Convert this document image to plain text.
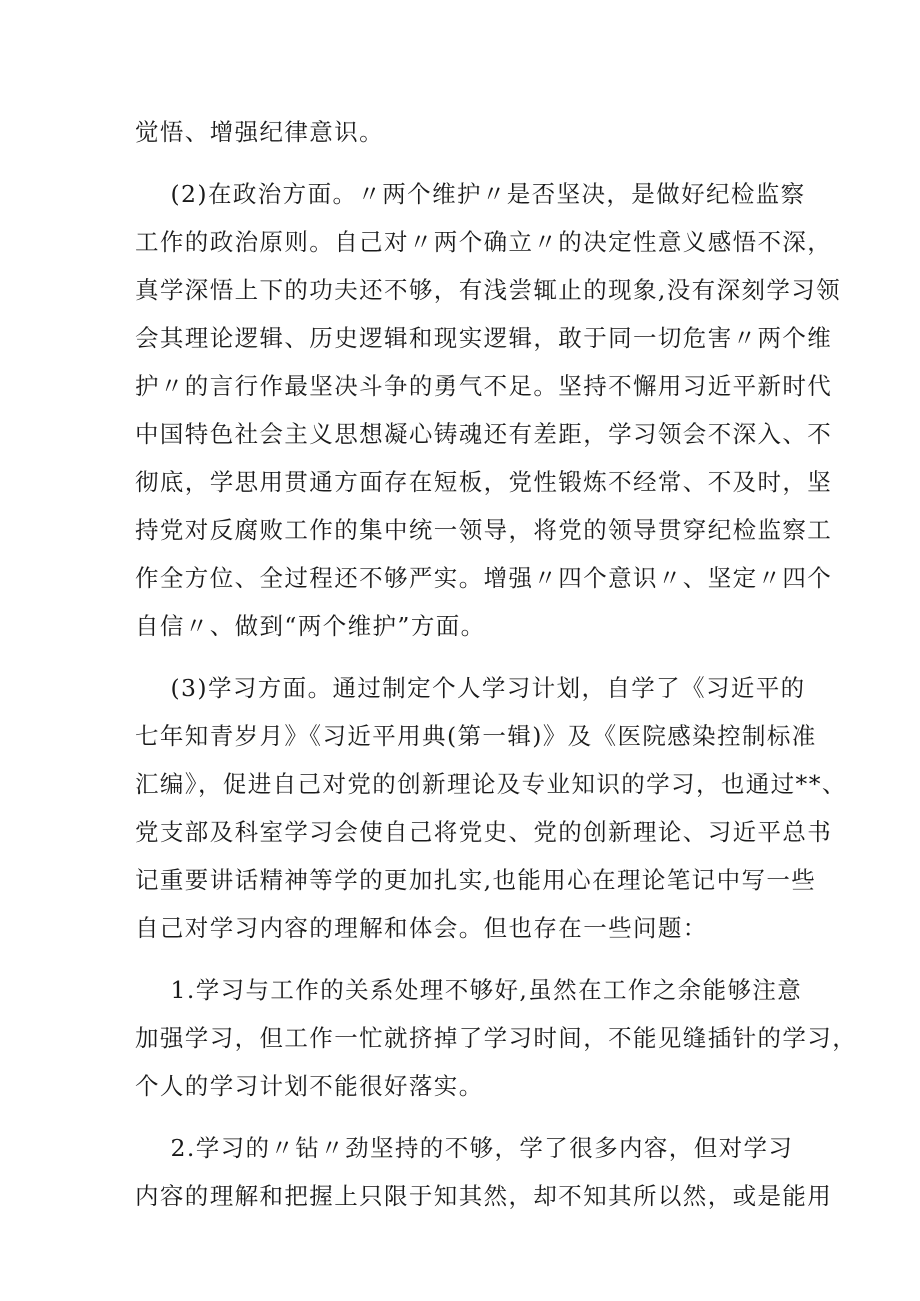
觉悟、增强纪律意识。
(2)在政治方面。〃两个维护〃是否坚决，是做好纪检监察
工作的政治原则。自己对〃两个确立〃的决定性意义感悟不深，
真学深悟上下的功夫还不够，有浅尝辄止的现象,没有深刻学习领
会其理论逻辑、历史逻辑和现实逻辑，敢于同一切危害〃两个维
护〃的言行作最坚决斗争的勇气不足。坚持不懈用习近平新时代
中国特色社会主义思想凝心铸魂还有差距，学习领会不深入、不
彻底，学思用贯通方面存在短板，党性锻炼不经常、不及时，坚
持党对反腐败工作的集中统一领导，将党的领导贯穿纪检监察工
作全方位、全过程还不够严实。增强〃四个意识〃、坚定〃四个
自信〃、做到“两个维护”方面。
(3)学习方面。通过制定个人学习计划，自学了《习近平的
七年知青岁月》《习近平用典(第一辑)》及《医院感染控制标准
汇编》，促进自己对党的创新理论及专业知识的学习，也通过**、
党支部及科室学习会使自己将党史、党的创新理论、习近平总书
记重要讲话精神等学的更加扎实,也能用心在理论笔记中写一些
自己对学习内容的理解和体会。但也存在一些问题：
1.学习与工作的关系处理不够好,虽然在工作之余能够注意
加强学习，但工作一忙就挤掉了学习时间，不能见缝插针的学习，
个人的学习计划不能很好落实。
2.学习的〃钻〃劲坚持的不够，学了很多内容，但对学习
内容的理解和把握上只限于知其然，却不知其所以然，或是能用
